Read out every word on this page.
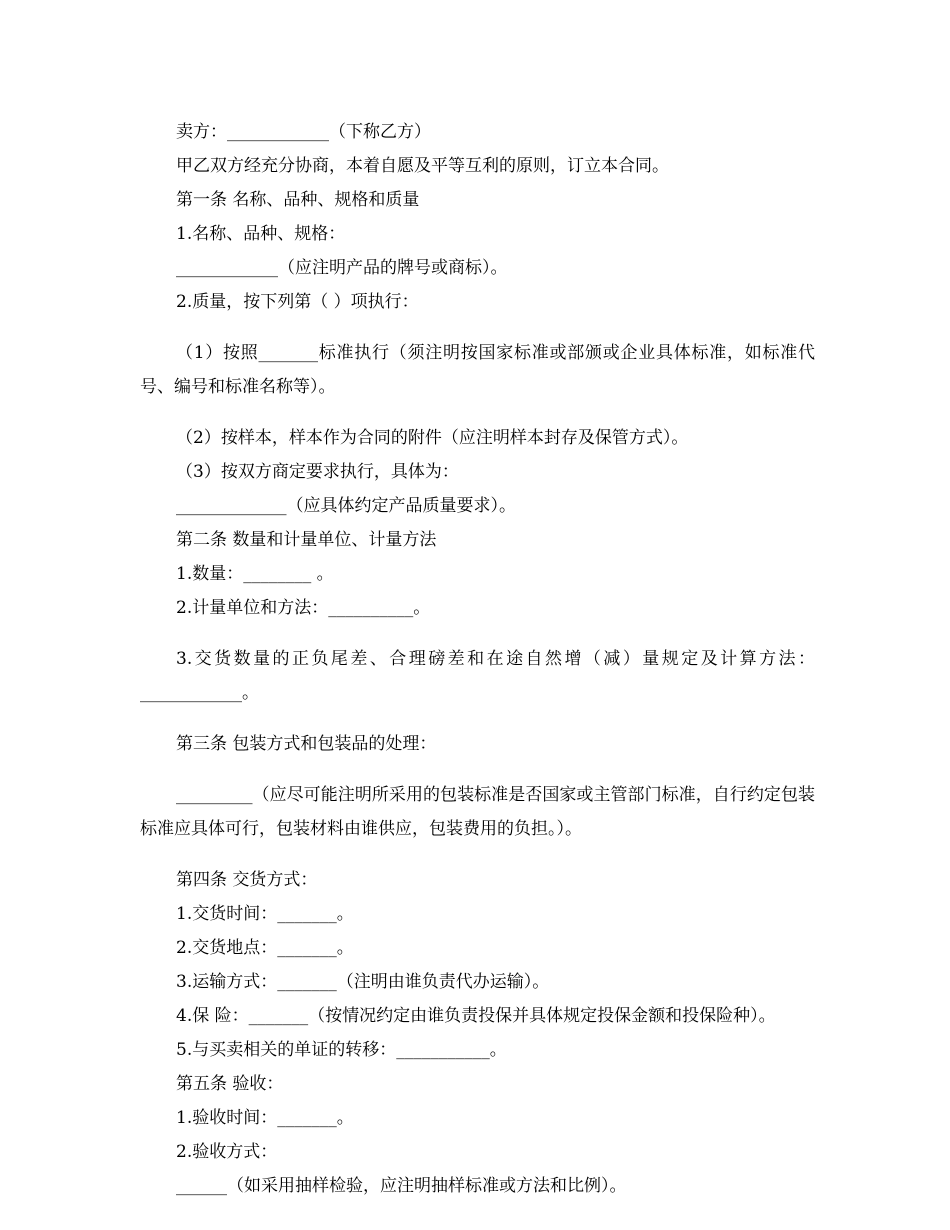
卖方：____________（下称乙方）

甲乙双方经充分协商，本着自愿及平等互利的原则，订立本合同。

第一条 名称、品种、规格和质量

1.名称、品种、规格：

____________（应注明产品的牌号或商标）。

2.质量，按下列第（ ）项执行：

（1）按照_______标准执行（须注明按国家标准或部颁或企业具体标准，如标准代号、编号和标准名称等）。

（2）按样本，样本作为合同的附件（应注明样本封存及保管方式）。

（3）按双方商定要求执行，具体为：

_____________（应具体约定产品质量要求）。

第二条 数量和计量单位、计量方法

1.数量：________ 。

2.计量单位和方法：__________。

3.交货数量的正负尾差、合理磅差和在途自然增（减）量规定及计算方法：____________。

第三条 包装方式和包装品的处理：

_________（应尽可能注明所采用的包装标准是否国家或主管部门标准，自行约定包装标准应具体可行，包装材料由谁供应，包装费用的负担。）。

第四条 交货方式：

1.交货时间：_______。

2.交货地点：_______。

3.运输方式：_______（注明由谁负责代办运输）。

4.保 险：_______（按情况约定由谁负责投保并具体规定投保金额和投保险种）。

5.与买卖相关的单证的转移：___________。

第五条 验收：

1.验收时间：_______。

2.验收方式：

______（如采用抽样检验，应注明抽样标准或方法和比例）。
